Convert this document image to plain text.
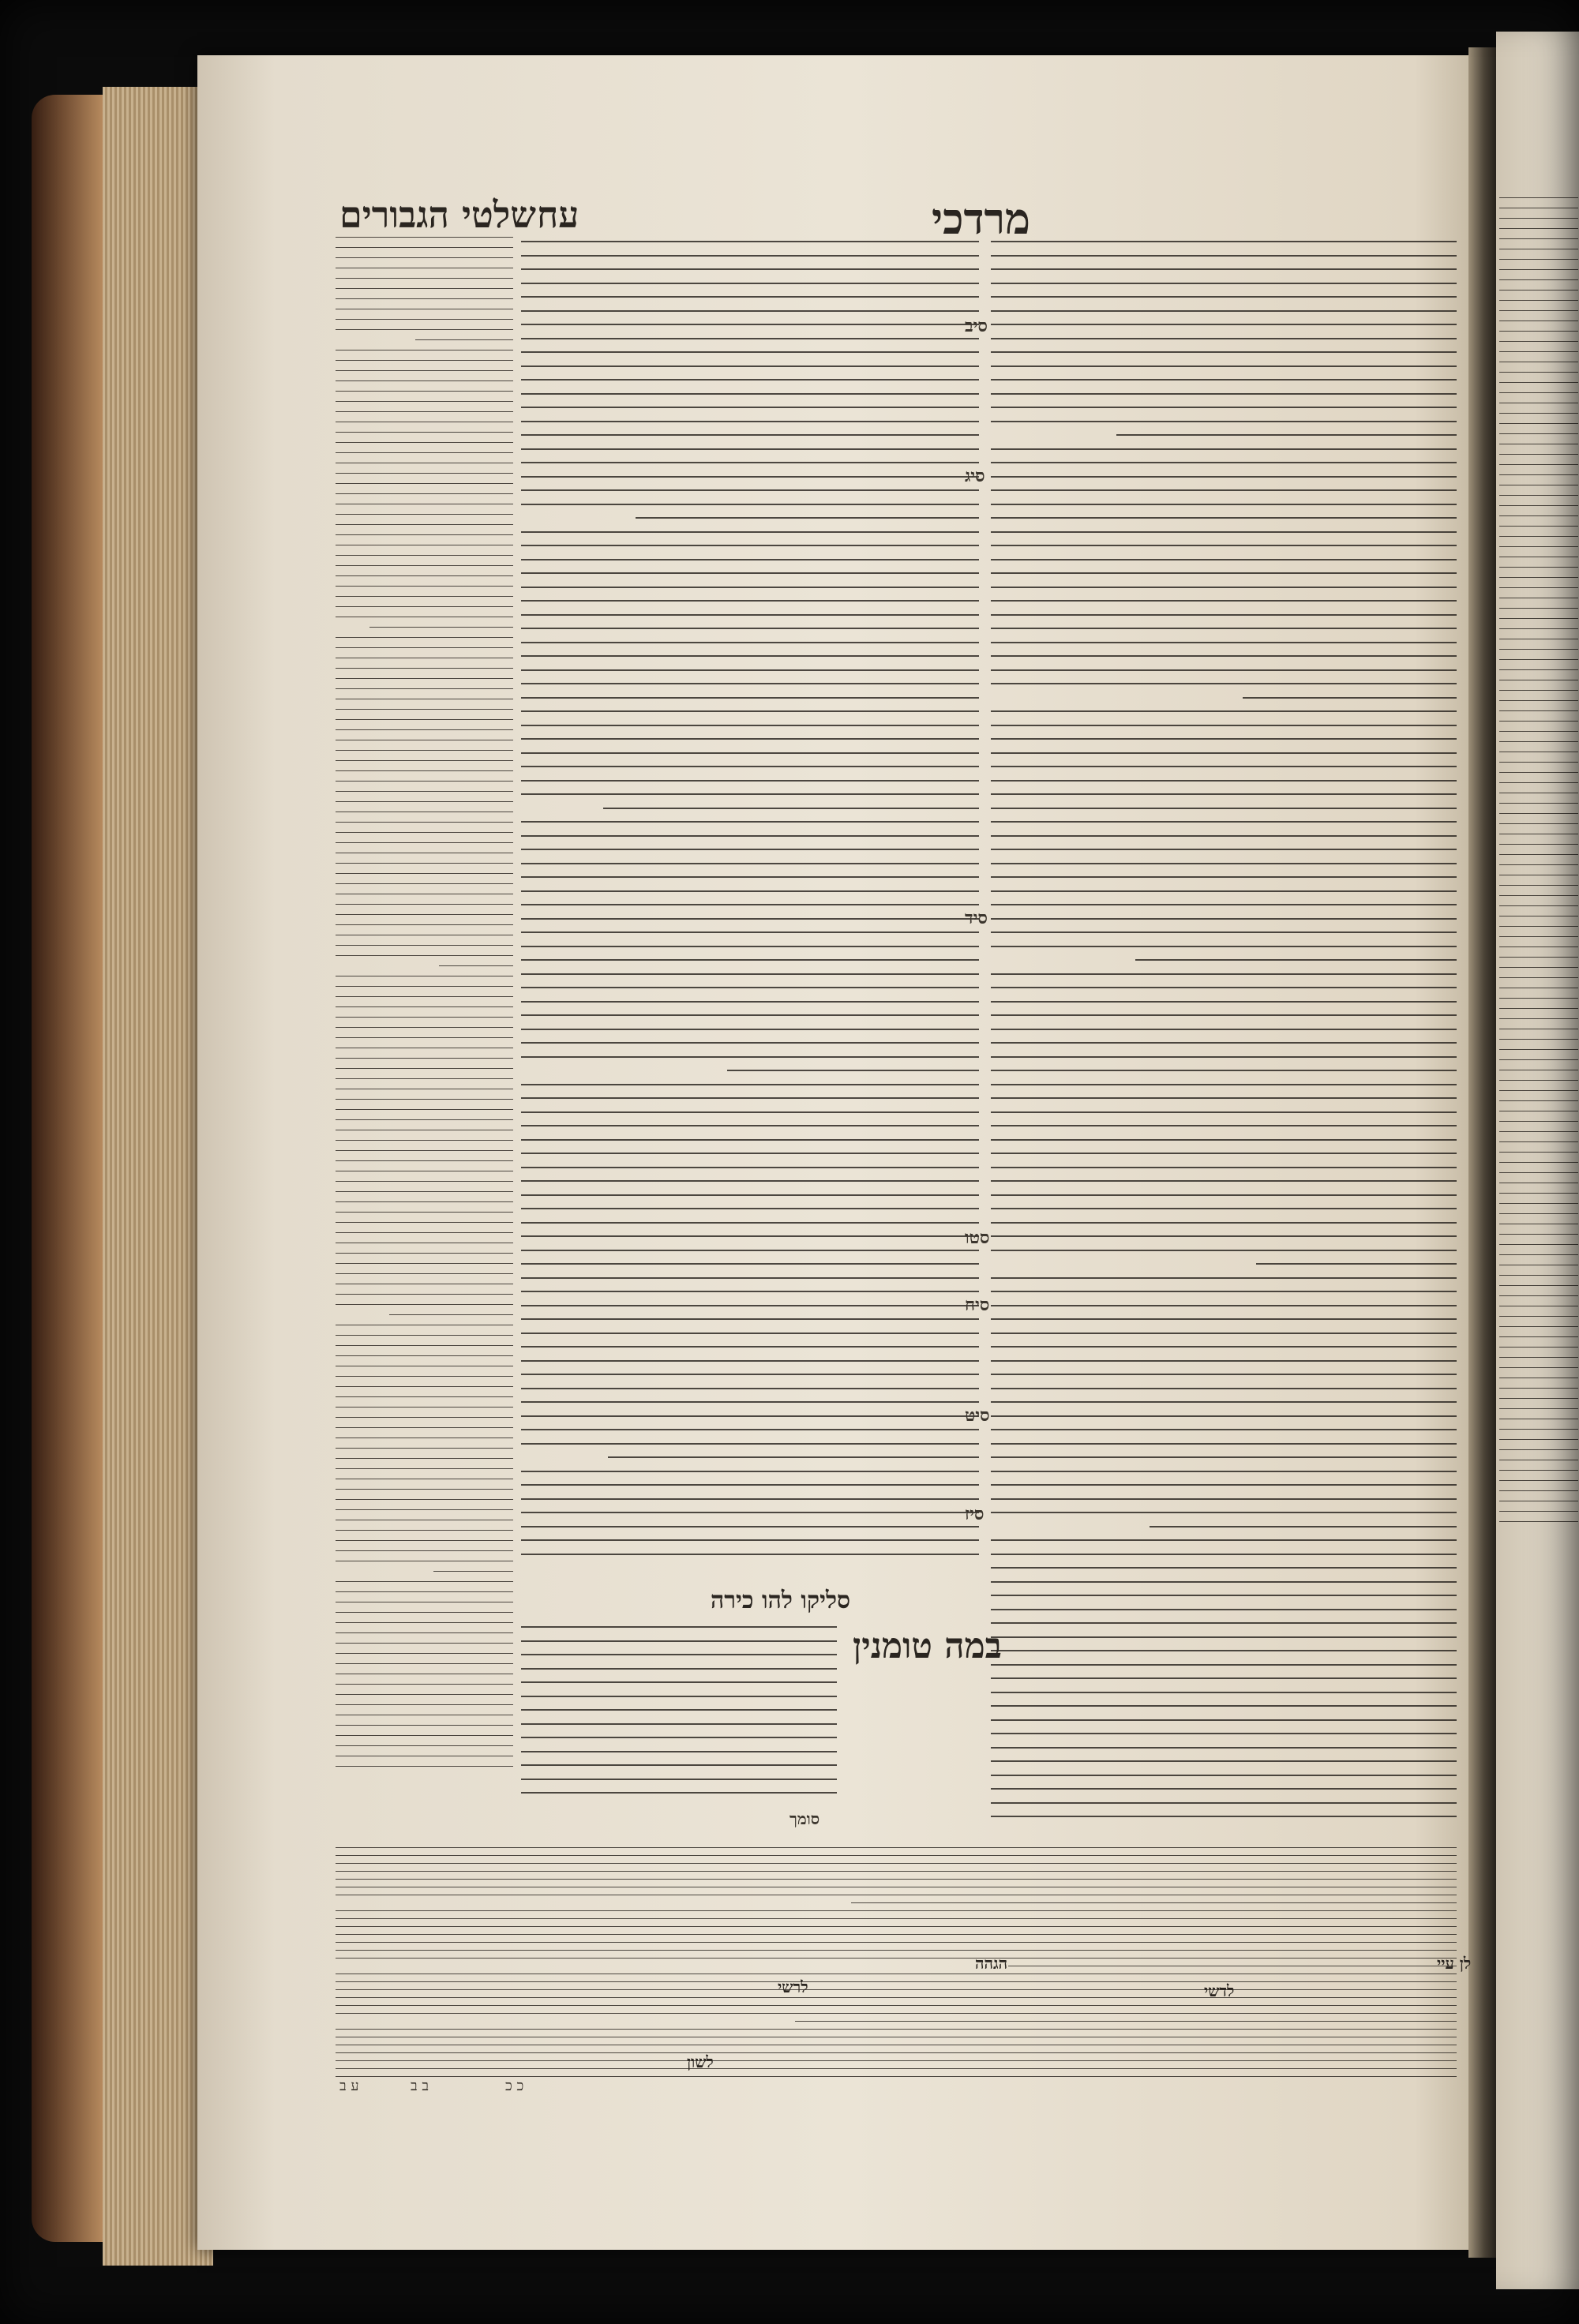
שלטי הגבורים עח	מרדכי
סליקו להו כירה
במה טומנין
סומך
סיב
סיג
סיד
סטו
סיח
סיט
סיז
לן עיי
לדשי
הגהה
לרשי
לשון
ב ב	כ כ
ע ב
